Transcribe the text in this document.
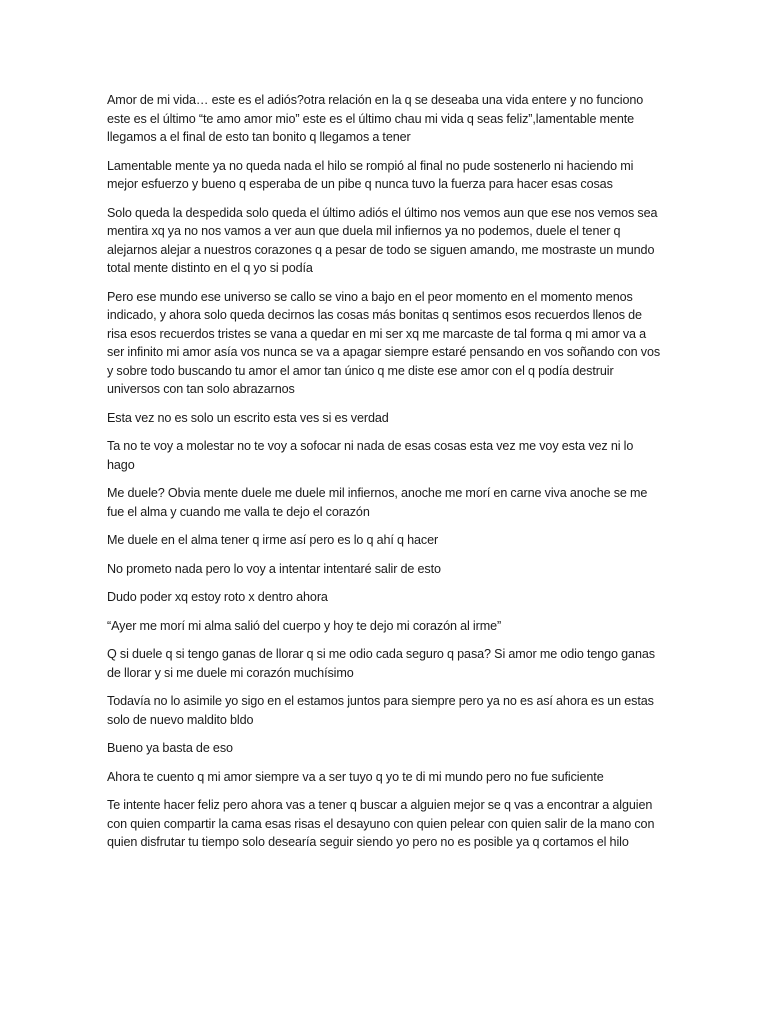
Amor de mi vida… este es el adiós?otra relación en la q se deseaba una vida entere y no funciono este es el último “te amo amor mio” este es el último chau mi vida q seas feliz”,lamentable mente llegamos a el final de esto tan bonito q llegamos a tener

Lamentable mente ya no queda nada el hilo se rompió al final no pude sostenerlo ni haciendo mi mejor esfuerzo y bueno q esperaba de un pibe q nunca tuvo la fuerza para hacer esas cosas

Solo queda la despedida solo queda el último adiós el último nos vemos aun que ese nos vemos sea mentira xq ya no nos vamos a ver aun que duela mil infiernos ya no podemos, duele el tener q alejarnos alejar a nuestros corazones q a pesar de todo se siguen amando, me mostraste un mundo total mente distinto en el q yo si podía

Pero ese mundo ese universo se callo se vino a bajo en el peor momento en el momento menos indicado, y ahora solo queda decirnos las cosas más bonitas q sentimos esos recuerdos llenos de risa esos recuerdos tristes se vana a quedar en mi ser xq me marcaste de tal forma q mi amor va a ser infinito mi amor asía vos nunca se va a apagar siempre estaré pensando en vos soñando con vos y sobre todo buscando tu amor el amor tan único q me diste ese amor con el q podía destruir universos con tan solo abrazarnos

Esta vez no es solo un escrito esta ves si es verdad

Ta no te voy a molestar no te voy a sofocar ni nada de esas cosas esta vez me voy esta vez ni lo hago

Me duele? Obvia mente duele me duele mil infiernos, anoche me morí en carne viva anoche se me fue el alma y cuando me valla te dejo el corazón

Me duele en el alma tener q irme así pero es lo q ahí q hacer

No prometo nada pero lo voy a intentar intentaré salir de esto

Dudo poder xq estoy roto x dentro ahora

“Ayer me morí mi alma salió del cuerpo y hoy te dejo mi corazón al irme”

Q si duele q si tengo ganas de llorar q si me odio cada seguro q pasa? Si amor me odio tengo ganas de llorar y si me duele mi corazón muchísimo

Todavía no lo asimile yo sigo en el estamos juntos para siempre pero ya no es así ahora es un estas solo de nuevo maldito bldo

Bueno ya basta de eso

Ahora te cuento q mi amor siempre va a ser tuyo q yo te di mi mundo pero no fue suficiente

Te intente hacer feliz pero ahora vas a tener q buscar a alguien mejor se q vas a encontrar a alguien con quien compartir la cama esas risas el desayuno con quien pelear con quien salir de la mano con quien disfrutar tu tiempo solo desearía seguir siendo yo pero no es posible ya q cortamos el hilo
